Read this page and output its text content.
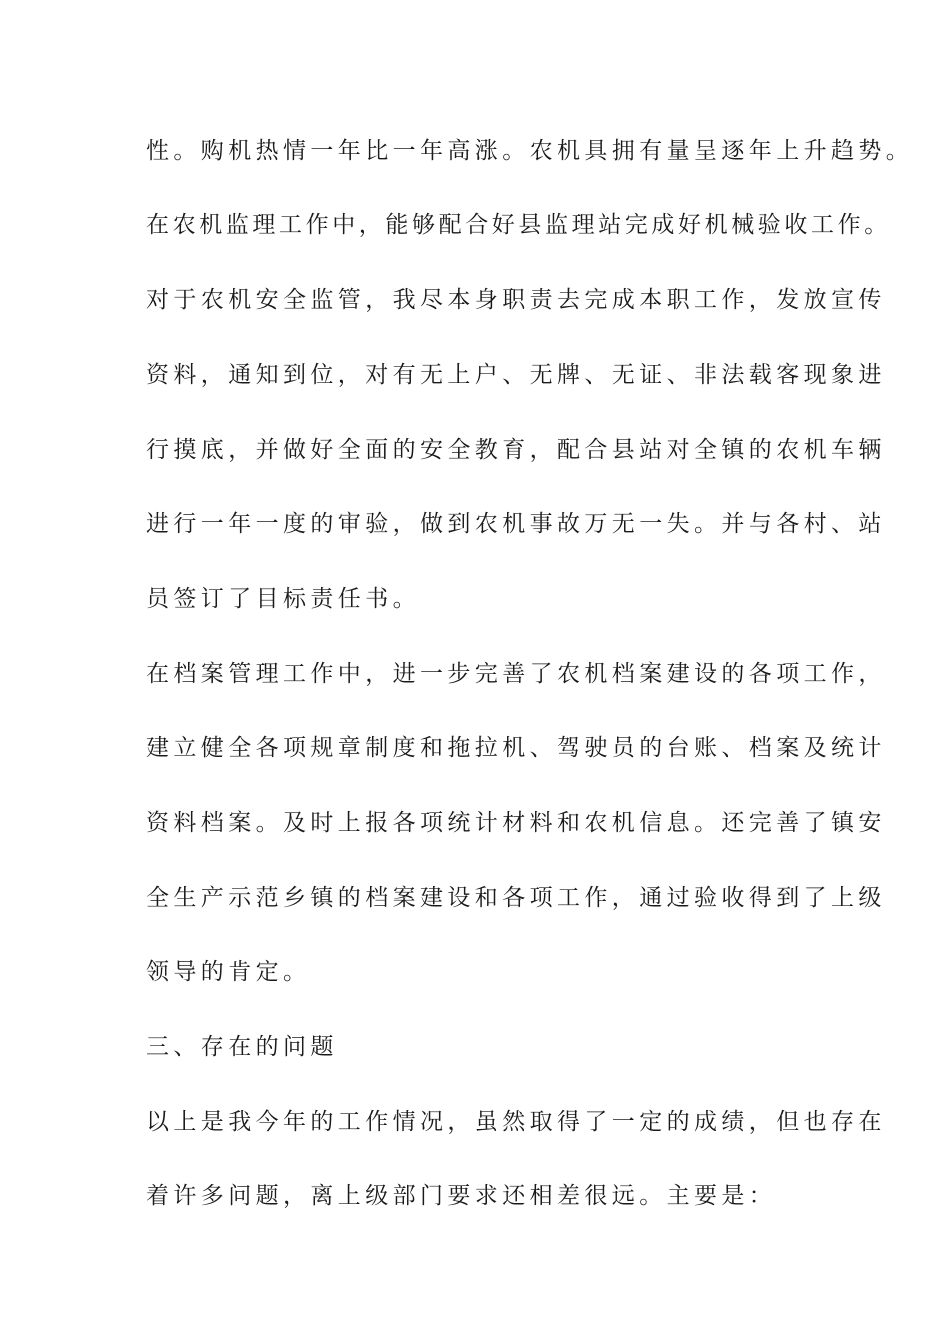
性。购机热情一年比一年高涨。农机具拥有量呈逐年上升趋势。

在农机监理工作中，能够配合好县监理站完成好机械验收工作。

对于农机安全监管，我尽本身职责去完成本职工作，发放宣传

资料，通知到位，对有无上户、无牌、无证、非法载客现象进

行摸底，并做好全面的安全教育，配合县站对全镇的农机车辆

进行一年一度的审验，做到农机事故万无一失。并与各村、站

员签订了目标责任书。

在档案管理工作中，进一步完善了农机档案建设的各项工作，

建立健全各项规章制度和拖拉机、驾驶员的台账、档案及统计

资料档案。及时上报各项统计材料和农机信息。还完善了镇安

全生产示范乡镇的档案建设和各项工作，通过验收得到了上级

领导的肯定。

三、存在的问题

以上是我今年的工作情况，虽然取得了一定的成绩，但也存在

着许多问题，离上级部门要求还相差很远。主要是：
